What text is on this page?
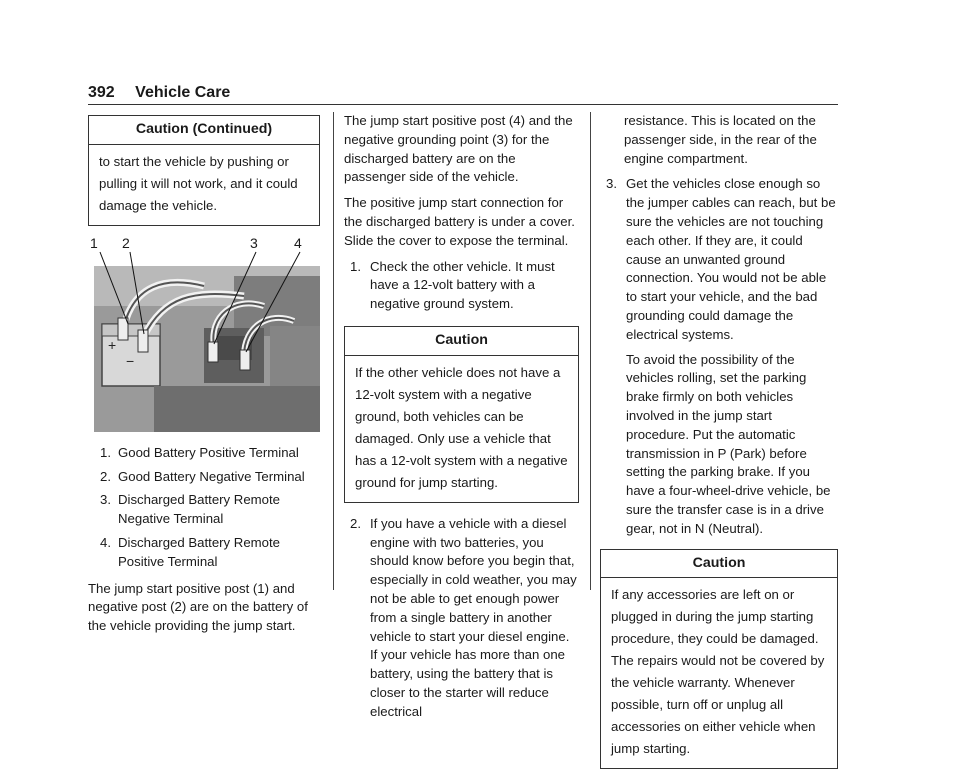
392 Vehicle Care
Caution (Continued)
to start the vehicle by pushing or pulling it will not work, and it could damage the vehicle.
+
−
1 2	3	4
1. Good Battery Positive Terminal
2. Good Battery Negative Terminal
3. Discharged Battery Remote Negative Terminal
4. Discharged Battery Remote Positive Terminal

The jump start positive post (1) and negative post (2) are on the battery of the vehicle providing the jump start.

The jump start positive post (4) and the negative grounding point (3) for the discharged battery are on the passenger side of the vehicle.

The positive jump start connection for the discharged battery is under a cover. Slide the cover to expose the terminal.

1. Check the other vehicle. It must have a 12-volt battery with a negative ground system.
Caution
If the other vehicle does not have a 12-volt system with a negative ground, both vehicles can be damaged. Only use a vehicle that has a 12-volt system with a negative ground for jump starting.
2. If you have a vehicle with a diesel engine with two batteries, you should know before you begin that, especially in cold weather, you may not be able to get enough power from a single battery in another vehicle to start your diesel engine. If your vehicle has more than one battery, using the battery that is closer to the starter will reduce electrical

resistance. This is located on the passenger side, in the rear of the engine compartment.

3. Get the vehicles close enough so the jumper cables can reach, but be sure the vehicles are not touching each other. If they are, it could cause an unwanted ground connection. You would not be able to start your vehicle, and the bad grounding could damage the electrical systems.

To avoid the possibility of the vehicles rolling, set the parking brake firmly on both vehicles involved in the jump start procedure. Put the automatic transmission in P (Park) before setting the parking brake. If you have a four-wheel-drive vehicle, be sure the transfer case is in a drive gear, not in N (Neutral).

Caution
If any accessories are left on or plugged in during the jump starting procedure, they could be damaged. The repairs would not be covered by the vehicle warranty. Whenever possible, turn off or unplug all accessories on either vehicle when jump starting.
